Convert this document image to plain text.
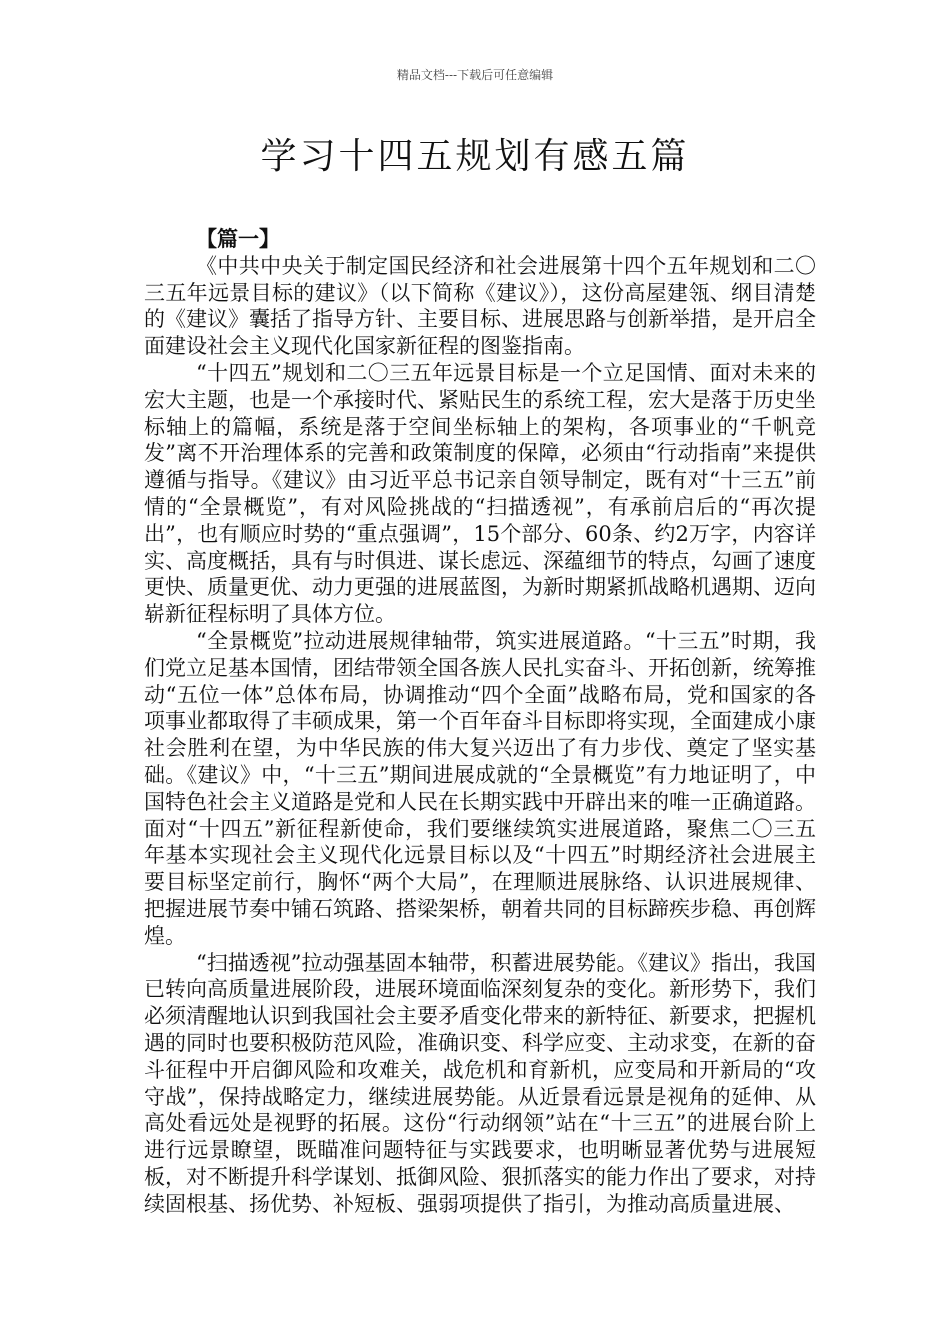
精品文档---下载后可任意编辑
学习十四五规划有感五篇

【篇一】

《中共中央关于制定国民经济和社会进展第十四个五年规划和二〇三五年远景目标的建议》（以下简称《建议》），这份高屋建瓴、纲目清楚的《建议》囊括了指导方针、主要目标、进展思路与创新举措，是开启全面建设社会主义现代化国家新征程的图鉴指南。

“十四五”规划和二〇三五年远景目标是一个立足国情、面对未来的宏大主题，也是一个承接时代、紧贴民生的系统工程，宏大是落于历史坐标轴上的篇幅，系统是落于空间坐标轴上的架构，各项事业的“千帆竞发”离不开治理体系的完善和政策制度的保障，必须由“行动指南”来提供遵循与指导。《建议》由习近平总书记亲自领导制定，既有对“十三五”前情的“全景概览”，有对风险挑战的“扫描透视”，有承前启后的“再次提出”，也有顺应时势的“重点强调”，15个部分、60条、约2万字，内容详实、高度概括，具有与时俱进、谋长虑远、深蕴细节的特点，勾画了速度更快、质量更优、动力更强的进展蓝图，为新时期紧抓战略机遇期、迈向崭新征程标明了具体方位。

“全景概览”拉动进展规律轴带，筑实进展道路。“十三五”时期，我们党立足基本国情，团结带领全国各族人民扎实奋斗、开拓创新，统筹推动“五位一体”总体布局，协调推动“四个全面”战略布局，党和国家的各项事业都取得了丰硕成果，第一个百年奋斗目标即将实现，全面建成小康社会胜利在望，为中华民族的伟大复兴迈出了有力步伐、奠定了坚实基础。《建议》中，“十三五”期间进展成就的“全景概览”有力地证明了，中国特色社会主义道路是党和人民在长期实践中开辟出来的唯一正确道路。面对“十四五”新征程新使命，我们要继续筑实进展道路，聚焦二〇三五年基本实现社会主义现代化远景目标以及“十四五”时期经济社会进展主要目标坚定前行，胸怀“两个大局”，在理顺进展脉络、认识进展规律、把握进展节奏中铺石筑路、搭梁架桥，朝着共同的目标蹄疾步稳、再创辉煌。

“扫描透视”拉动强基固本轴带，积蓄进展势能。《建议》指出，我国已转向高质量进展阶段，进展环境面临深刻复杂的变化。新形势下，我们必须清醒地认识到我国社会主要矛盾变化带来的新特征、新要求，把握机遇的同时也要积极防范风险，准确识变、科学应变、主动求变，在新的奋斗征程中开启御风险和攻难关，战危机和育新机，应变局和开新局的“攻守战”，保持战略定力，继续进展势能。从近景看远景是视角的延伸、从高处看远处是视野的拓展。这份“行动纲领”站在“十三五”的进展台阶上进行远景瞭望，既瞄准问题特征与实践要求，也明晰显著优势与进展短板，对不断提升科学谋划、抵御风险、狠抓落实的能力作出了要求，对持续固根基、扬优势、补短板、强弱项提供了指引，为推动高质量进展、
